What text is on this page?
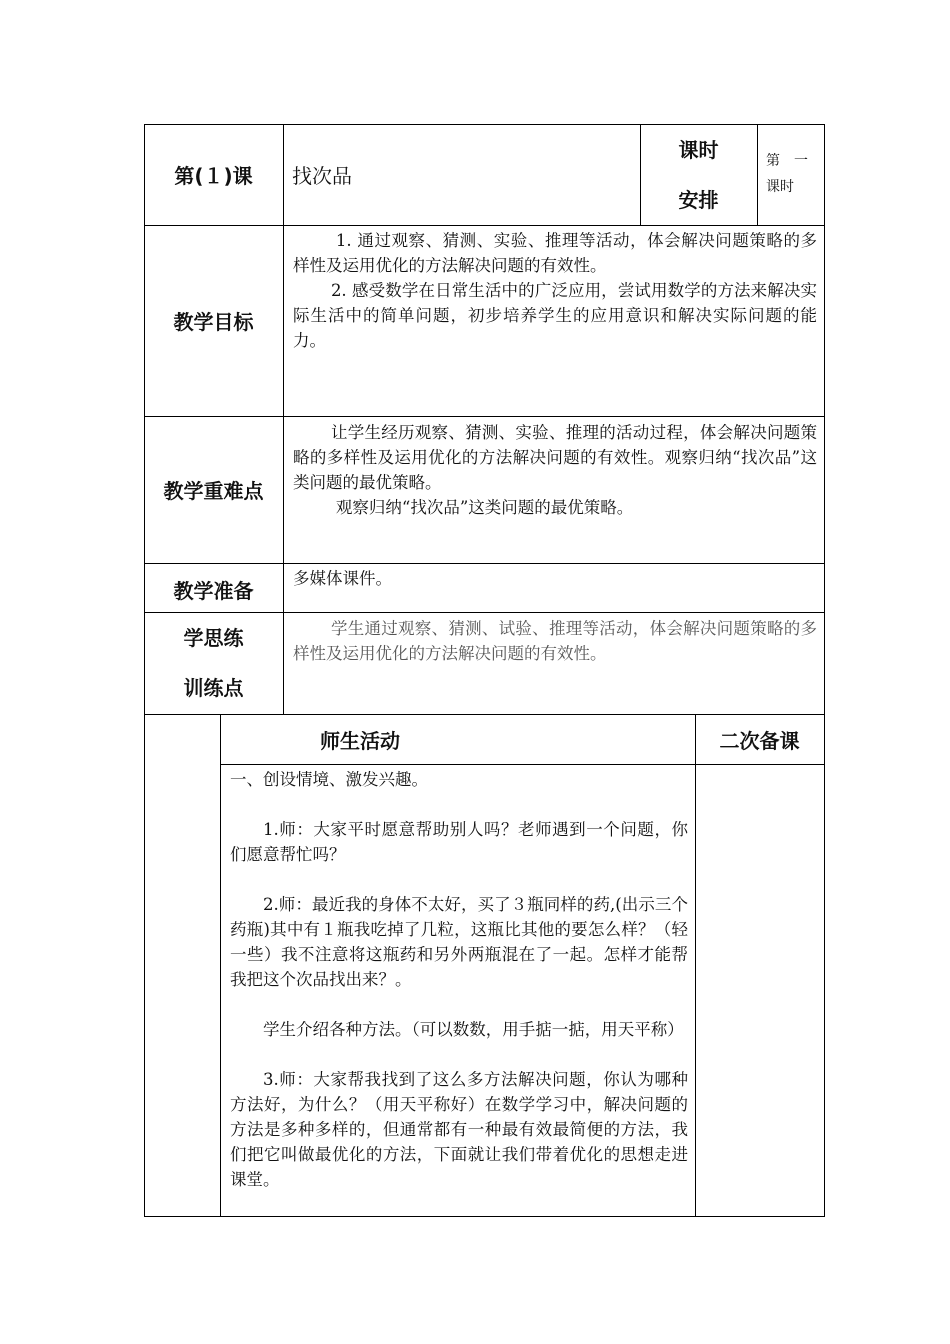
第(１)课	找次品
课时
安排
第　一
课时
教学目标

1. 通过观察、猜测、实验、推理等活动，体会解决问题策略的多样性及运用优化的方法解决问题的有效性。

2. 感受数学在日常生活中的广泛应用，尝试用数学的方法来解决实际生活中的简单问题，初步培养学生的应用意识和解决实际问题的能力。

教学重难点

让学生经历观察、猜测、实验、推理的活动过程，体会解决问题策略的多样性及运用优化的方法解决问题的有效性。观察归纳“找次品”这类问题的最优策略。

观察归纳“找次品”这类问题的最优策略。

教学准备
多媒体课件。
学思练
训练点

学生通过观察、猜测、试验、推理等活动，体会解决问题策略的多样性及运用优化的方法解决问题的有效性。

师生活动	二次备课

一、创设情境、激发兴趣。

1.师：大家平时愿意帮助别人吗？老师遇到一个问题，你们愿意帮忙吗？

2.师：最近我的身体不太好，买了３瓶同样的药,(出示三个药瓶)其中有１瓶我吃掉了几粒，这瓶比其他的要怎么样？（轻一些）我不注意将这瓶药和另外两瓶混在了一起。怎样才能帮我把这个次品找出来？。

学生介绍各种方法。（可以数数，用手掂一掂，用天平称）

3.师：大家帮我找到了这么多方法解决问题，你认为哪种方法好，为什么？（用天平称好）在数学学习中，解决问题的方法是多种多样的，但通常都有一种最有效最简便的方法，我们把它叫做最优化的方法，下面就让我们带着优化的思想走进课堂。
